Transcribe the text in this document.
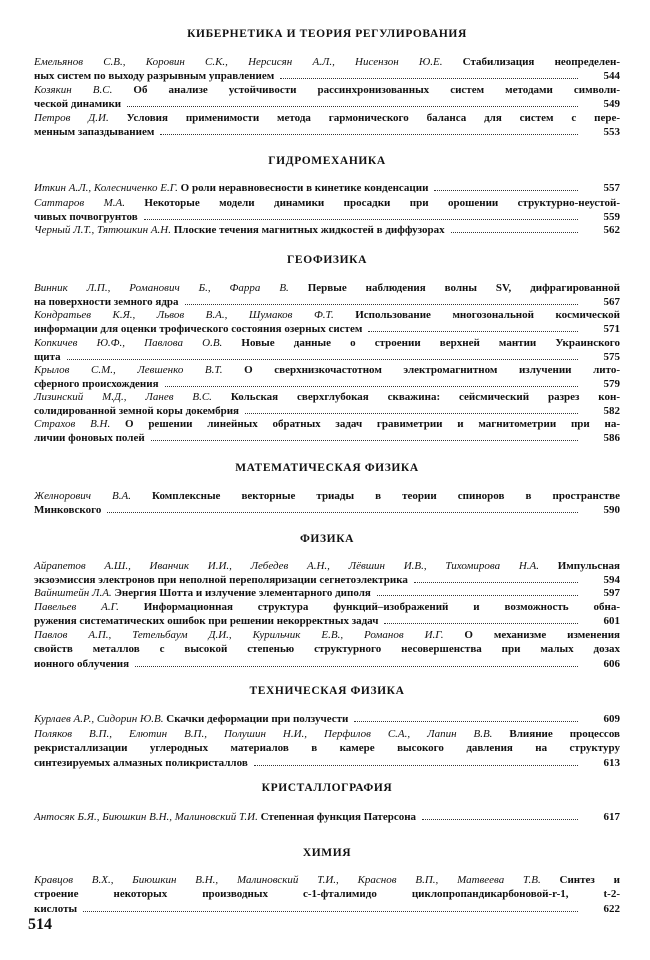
КИБЕРНЕТИКА И ТЕОРИЯ РЕГУЛИРОВАНИЯ
Емельянов С.В., Коровин С.К., Нерсисян А.Л., Нисензон Ю.Е. Стабилизация неопределен-
ных систем по выходу разрывным управлением	544
Козякин В.С. Об анализе устойчивости рассинхронизованных систем методами символи-
ческой динамики	549
Петров Д.И. Условия применимости метода гармонического баланса для систем с пере-
менным запаздыванием	553
ГИДРОМЕХАНИКА
Иткин А.Л., Колесниченко Е.Г. О роли неравновесности в кинетике конденсации	557
Саттаров М.А. Некоторые модели динамики просадки при орошении структурно-неустой-
чивых почвогрунтов	559
Черный Л.Т., Тятюшкин А.Н. Плоские течения магнитных жидкостей в диффузорах	562
ГЕОФИЗИКА
Винник Л.П., Романович Б., Фарра В. Первые наблюдения волны SV, дифрагированной
на поверхности земного ядра	567
Кондратьев К.Я., Львов В.А., Шумаков Ф.Т. Использование многозональной космической
информации для оценки трофического состояния озерных систем	571
Копкичев Ю.Ф., Павлова О.В. Новые данные о строении верхней мантии Украинского
щита	575
Крылов С.М., Левшенко В.Т. О сверхнизкочастотном электромагнитном излучении лито-
сферного происхождения	579
Лизинский М.Д., Ланев В.С. Кольская сверхглубокая скважина: сейсмический разрез кон-
солидированной земной коры докембрия	582
Страхов В.Н. О решении линейных обратных задач гравиметрии и магнитометрии при на-
личии фоновых полей	586
МАТЕМАТИЧЕСКАЯ ФИЗИКА
Желнорович В.А. Комплексные векторные триады в теории спиноров в пространстве
Минковского	590
ФИЗИКА
Айрапетов А.Ш., Иванчик И.И., Лебедев А.Н., Лёвшин И.В., Тихомирова Н.А. Импульсная
экзоэмиссия электронов при неполной переполяризации сегнетоэлектрика	594
Вайнштейн Л.А. Энергия Шотта и излучение элементарного диполя	597
Павельев А.Г. Информационная структура функций–изображений и возможность обна-
ружения систематических ошибок при решении некорректных задач	601
Павлов А.П., Тетельбаум Д.И., Курильчик Е.В., Романов И.Г. О механизме изменения
свойств металлов с высокой степенью структурного несовершенства при малых дозах
ионного облучения	606
ТЕХНИЧЕСКАЯ ФИЗИКА
Курлаев А.Р., Сидорин Ю.В. Скачки деформации при ползучести	609
Поляков В.П., Елютин В.П., Полушин Н.И., Перфилов С.А., Лапин В.В. Влияние процессов
рекристаллизации углеродных материалов в камере высокого давления на структуру
синтезируемых алмазных поликристаллов	613
КРИСТАЛЛОГРАФИЯ
Антосяк Б.Я., Биюшкин В.Н., Малиновский Т.И. Степенная функция Патерсона	617
ХИМИЯ
Кравцов В.Х., Биюшкин В.Н., Малиновский Т.И., Краснов В.П., Матвеева Т.В. Синтез и
строение некоторых производных с-1-фталимидо циклопропандикарбоновой-r-1, t-2-
кислоты	622

514
